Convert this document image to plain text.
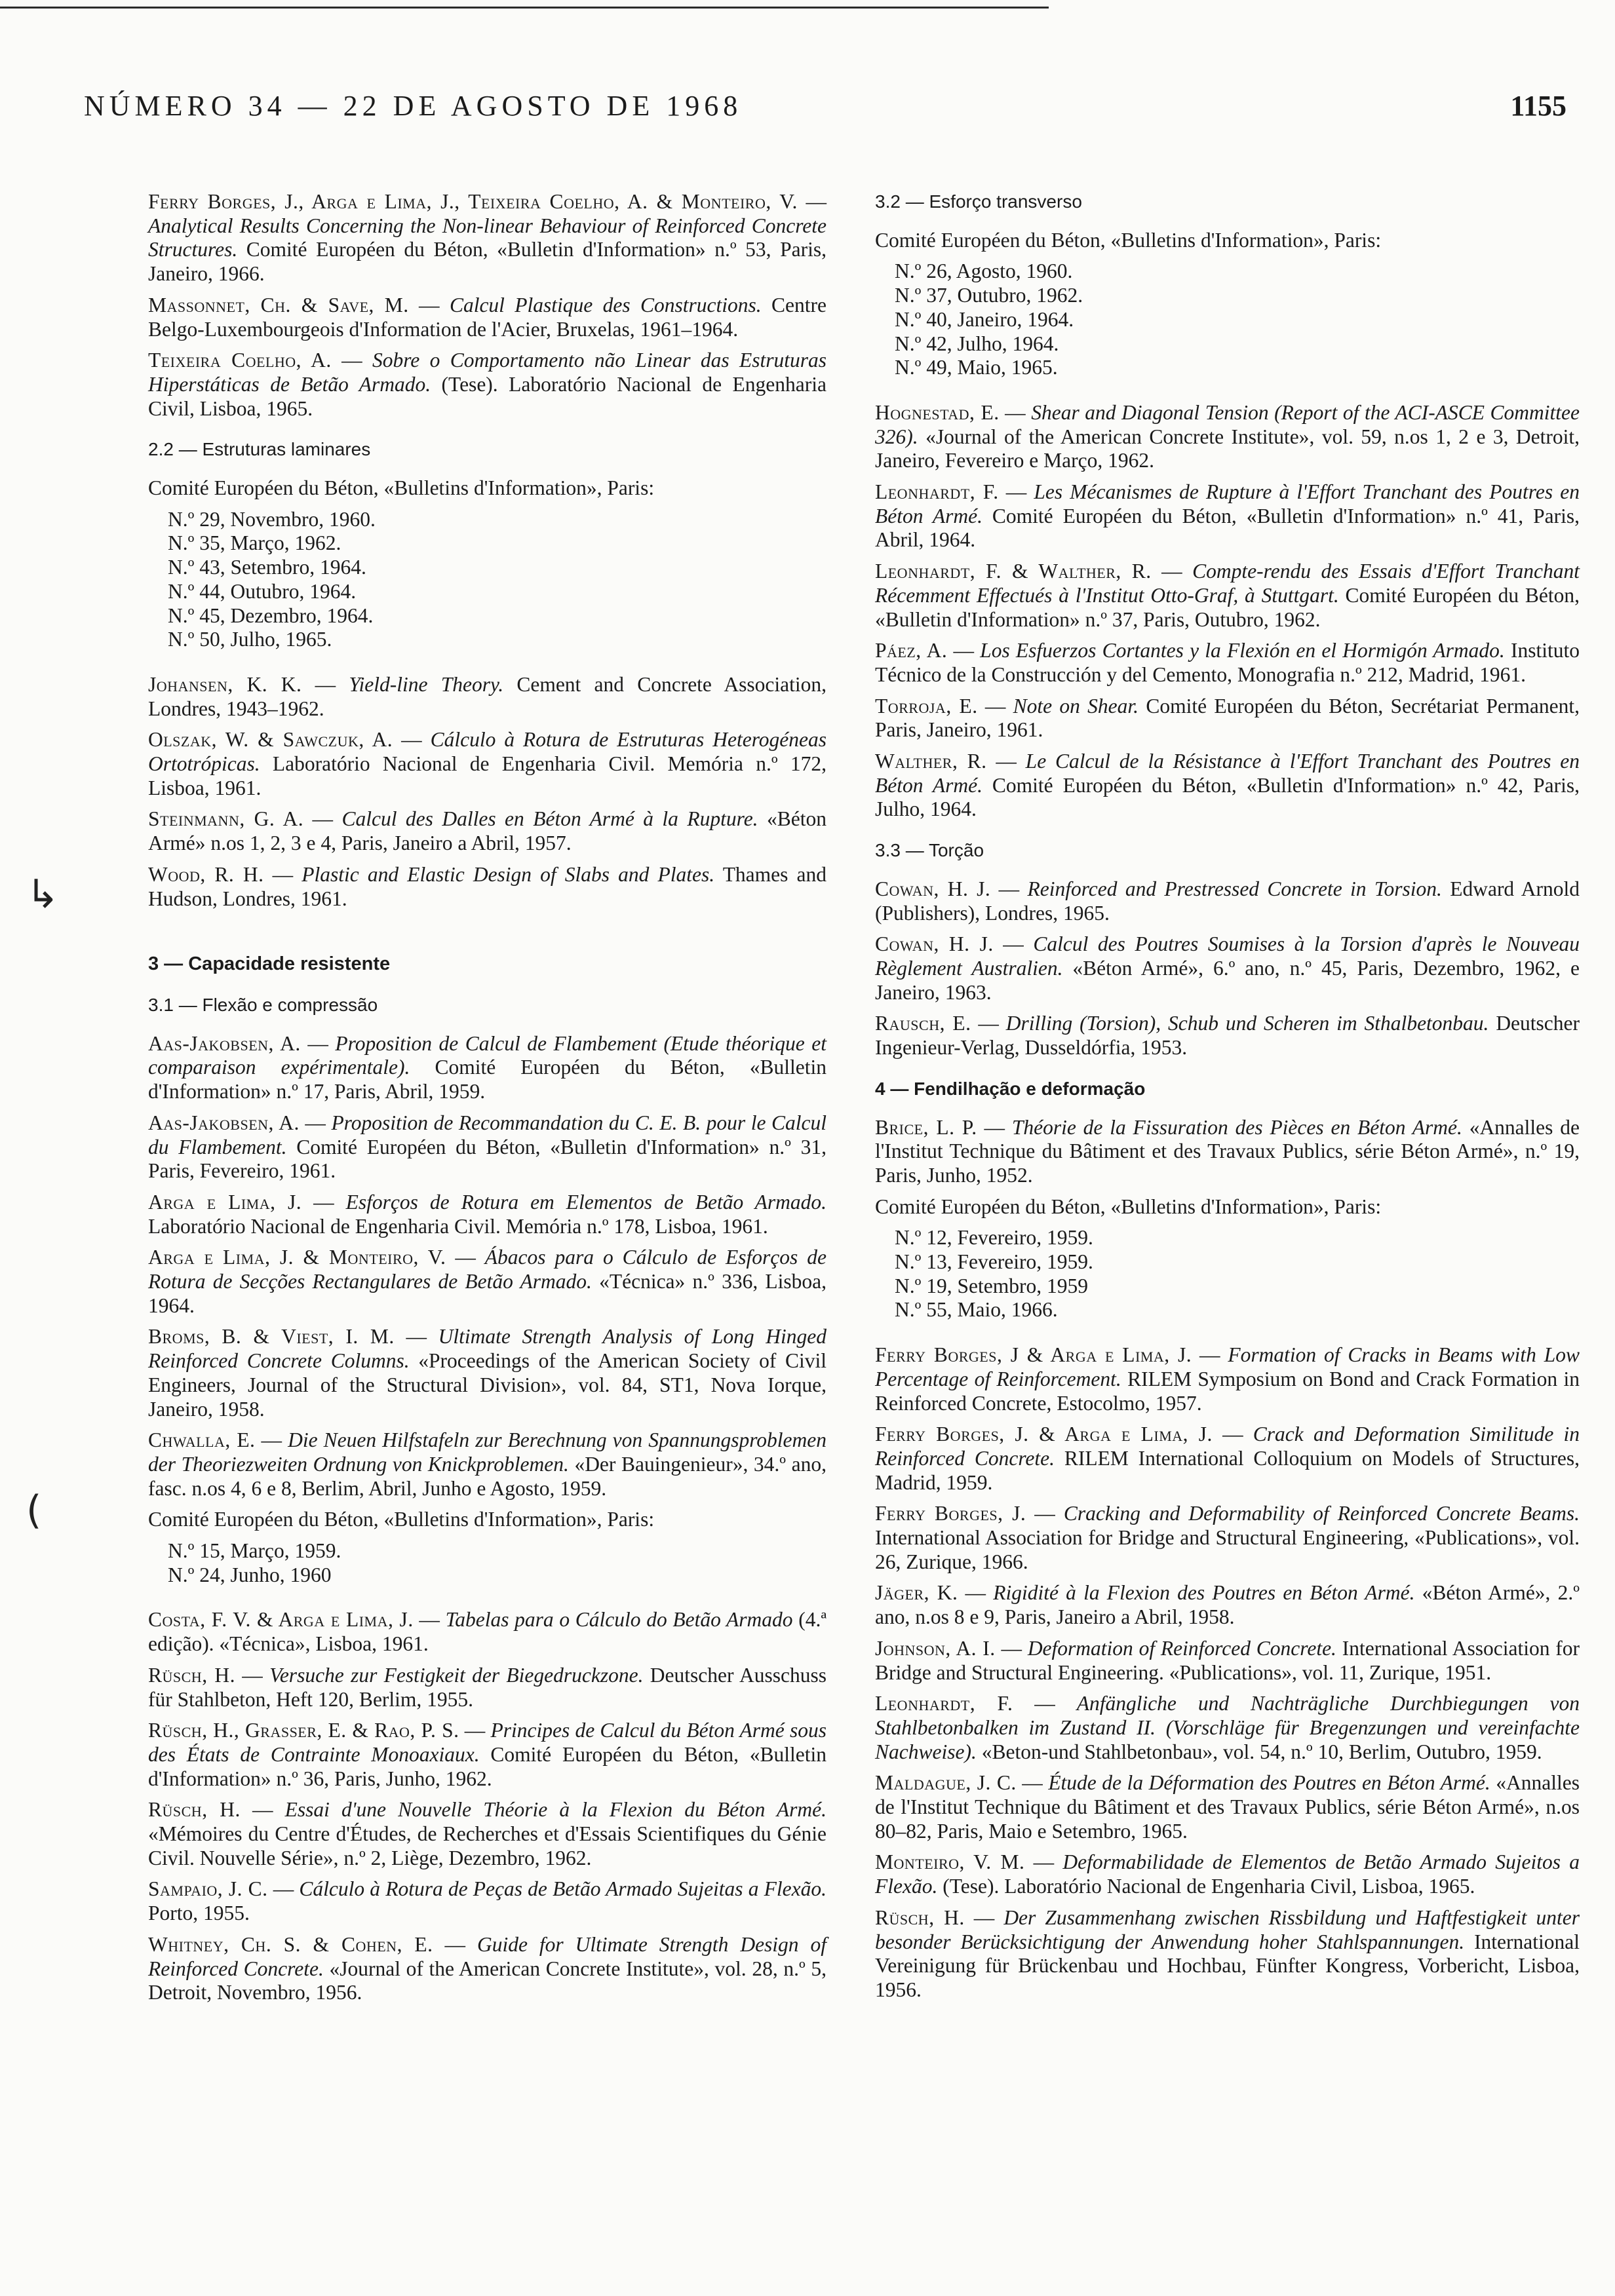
NÚMERO 34 — 22 DE AGOSTO DE 1968	1155
↳
(
Ferry Borges, J., Arga e Lima, J., Teixeira Coelho, A. & Monteiro, V. — Analytical Results Concerning the Non-linear Behaviour of Reinforced Concrete Structures. Comité Européen du Béton, «Bulletin d'Information» n.º 53, Paris, Janeiro, 1966.
Massonnet, Ch. & Save, M. — Calcul Plastique des Constructions. Centre Belgo-Luxembourgeois d'Information de l'Acier, Bruxelas, 1961–1964.
Teixeira Coelho, A. — Sobre o Comportamento não Linear das Estruturas Hiperstáticas de Betão Armado. (Tese). Laboratório Nacional de Engenharia Civil, Lisboa, 1965.
2.2 — Estruturas laminares
Comité Européen du Béton, «Bulletins d'Information», Paris:
N.º 29, Novembro, 1960.
N.º 35, Março, 1962.
N.º 43, Setembro, 1964.
N.º 44, Outubro, 1964.
N.º 45, Dezembro, 1964.
N.º 50, Julho, 1965.
Johansen, K. K. — Yield-line Theory. Cement and Concrete Association, Londres, 1943–1962.
Olszak, W. & Sawczuk, A. — Cálculo à Rotura de Estruturas Heterogéneas Ortotrópicas. Laboratório Nacional de Engenharia Civil. Memória n.º 172, Lisboa, 1961.
Steinmann, G. A. — Calcul des Dalles en Béton Armé à la Rupture. «Béton Armé» n.os 1, 2, 3 e 4, Paris, Janeiro a Abril, 1957.
Wood, R. H. — Plastic and Elastic Design of Slabs and Plates. Thames and Hudson, Londres, 1961.
3 — Capacidade resistente
3.1 — Flexão e compressão
Aas-Jakobsen, A. — Proposition de Calcul de Flambement (Etude théorique et comparaison expérimentale). Comité Européen du Béton, «Bulletin d'Information» n.º 17, Paris, Abril, 1959.
Aas-Jakobsen, A. — Proposition de Recommandation du C. E. B. pour le Calcul du Flambement. Comité Européen du Béton, «Bulletin d'Information» n.º 31, Paris, Fevereiro, 1961.
Arga e Lima, J. — Esforços de Rotura em Elementos de Betão Armado. Laboratório Nacional de Engenharia Civil. Memória n.º 178, Lisboa, 1961.
Arga e Lima, J. & Monteiro, V. — Ábacos para o Cálculo de Esforços de Rotura de Secções Rectangulares de Betão Armado. «Técnica» n.º 336, Lisboa, 1964.
Broms, B. & Viest, I. M. — Ultimate Strength Analysis of Long Hinged Reinforced Concrete Columns. «Proceedings of the American Society of Civil Engineers, Journal of the Structural Division», vol. 84, ST1, Nova Iorque, Janeiro, 1958.
Chwalla, E. — Die Neuen Hilfstafeln zur Berechnung von Spannungsproblemen der Theoriezweiten Ordnung von Knickproblemen. «Der Bauingenieur», 34.º ano, fasc. n.os 4, 6 e 8, Berlim, Abril, Junho e Agosto, 1959.
Comité Européen du Béton, «Bulletins d'Information», Paris:
N.º 15, Março, 1959.
N.º 24, Junho, 1960
Costa, F. V. & Arga e Lima, J. — Tabelas para o Cálculo do Betão Armado (4.ª edição). «Técnica», Lisboa, 1961.
Rüsch, H. — Versuche zur Festigkeit der Biegedruckzone. Deutscher Ausschuss für Stahlbeton, Heft 120, Berlim, 1955.
Rüsch, H., Grasser, E. & Rao, P. S. — Principes de Calcul du Béton Armé sous des États de Contrainte Monoaxiaux. Comité Européen du Béton, «Bulletin d'Information» n.º 36, Paris, Junho, 1962.
Rüsch, H. — Essai d'une Nouvelle Théorie à la Flexion du Béton Armé. «Mémoires du Centre d'Études, de Recherches et d'Essais Scientifiques du Génie Civil. Nouvelle Série», n.º 2, Liège, Dezembro, 1962.
Sampaio, J. C. — Cálculo à Rotura de Peças de Betão Armado Sujeitas a Flexão. Porto, 1955.
Whitney, Ch. S. & Cohen, E. — Guide for Ultimate Strength Design of Reinforced Concrete. «Journal of the American Concrete Institute», vol. 28, n.º 5, Detroit, Novembro, 1956.
3.2 — Esforço transverso
Comité Européen du Béton, «Bulletins d'Information», Paris:
N.º 26, Agosto, 1960.
N.º 37, Outubro, 1962.
N.º 40, Janeiro, 1964.
N.º 42, Julho, 1964.
N.º 49, Maio, 1965.
Hognestad, E. — Shear and Diagonal Tension (Report of the ACI-ASCE Committee 326). «Journal of the American Concrete Institute», vol. 59, n.os 1, 2 e 3, Detroit, Janeiro, Fevereiro e Março, 1962.
Leonhardt, F. — Les Mécanismes de Rupture à l'Effort Tranchant des Poutres en Béton Armé. Comité Européen du Béton, «Bulletin d'Information» n.º 41, Paris, Abril, 1964.
Leonhardt, F. & Walther, R. — Compte-rendu des Essais d'Effort Tranchant Récemment Effectués à l'Institut Otto-Graf, à Stuttgart. Comité Européen du Béton, «Bulletin d'Information» n.º 37, Paris, Outubro, 1962.
Páez, A. — Los Esfuerzos Cortantes y la Flexión en el Hormigón Armado. Instituto Técnico de la Construcción y del Cemento, Monografia n.º 212, Madrid, 1961.
Torroja, E. — Note on Shear. Comité Européen du Béton, Secrétariat Permanent, Paris, Janeiro, 1961.
Walther, R. — Le Calcul de la Résistance à l'Effort Tranchant des Poutres en Béton Armé. Comité Européen du Béton, «Bulletin d'Information» n.º 42, Paris, Julho, 1964.
3.3 — Torção
Cowan, H. J. — Reinforced and Prestressed Concrete in Torsion. Edward Arnold (Publishers), Londres, 1965.
Cowan, H. J. — Calcul des Poutres Soumises à la Torsion d'après le Nouveau Règlement Australien. «Béton Armé», 6.º ano, n.º 45, Paris, Dezembro, 1962, e Janeiro, 1963.
Rausch, E. — Drilling (Torsion), Schub und Scheren im Sthalbetonbau. Deutscher Ingenieur-Verlag, Dusseldórfia, 1953.
4 — Fendilhação e deformação
Brice, L. P. — Théorie de la Fissuration des Pièces en Béton Armé. «Annalles de l'Institut Technique du Bâtiment et des Travaux Publics, série Béton Armé», n.º 19, Paris, Junho, 1952.
Comité Européen du Béton, «Bulletins d'Information», Paris:
N.º 12, Fevereiro, 1959.
N.º 13, Fevereiro, 1959.
N.º 19, Setembro, 1959
N.º 55, Maio, 1966.
Ferry Borges, J & Arga e Lima, J. — Formation of Cracks in Beams with Low Percentage of Reinforcement. RILEM Symposium on Bond and Crack Formation in Reinforced Concrete, Estocolmo, 1957.
Ferry Borges, J. & Arga e Lima, J. — Crack and Deformation Similitude in Reinforced Concrete. RILEM International Colloquium on Models of Structures, Madrid, 1959.
Ferry Borges, J. — Cracking and Deformability of Reinforced Concrete Beams. International Association for Bridge and Structural Engineering, «Publications», vol. 26, Zurique, 1966.
Jäger, K. — Rigidité à la Flexion des Poutres en Béton Armé. «Béton Armé», 2.º ano, n.os 8 e 9, Paris, Janeiro a Abril, 1958.
Johnson, A. I. — Deformation of Reinforced Concrete. International Association for Bridge and Structural Engineering. «Publications», vol. 11, Zurique, 1951.
Leonhardt, F. — Anfängliche und Nachträgliche Durchbiegungen von Stahlbetonbalken im Zustand II. (Vorschläge für Bregenzungen und vereinfachte Nachweise). «Beton-und Stahlbetonbau», vol. 54, n.º 10, Berlim, Outubro, 1959.
Maldague, J. C. — Étude de la Déformation des Poutres en Béton Armé. «Annalles de l'Institut Technique du Bâtiment et des Travaux Publics, série Béton Armé», n.os 80–82, Paris, Maio e Setembro, 1965.
Monteiro, V. M. — Deformabilidade de Elementos de Betão Armado Sujeitos a Flexão. (Tese). Laboratório Nacional de Engenharia Civil, Lisboa, 1965.
Rüsch, H. — Der Zusammenhang zwischen Rissbildung und Haftfestigkeit unter besonder Berücksichtigung der Anwendung hoher Stahlspannungen. International Vereinigung für Brückenbau und Hochbau, Fünfter Kongress, Vorbericht, Lisboa, 1956.
